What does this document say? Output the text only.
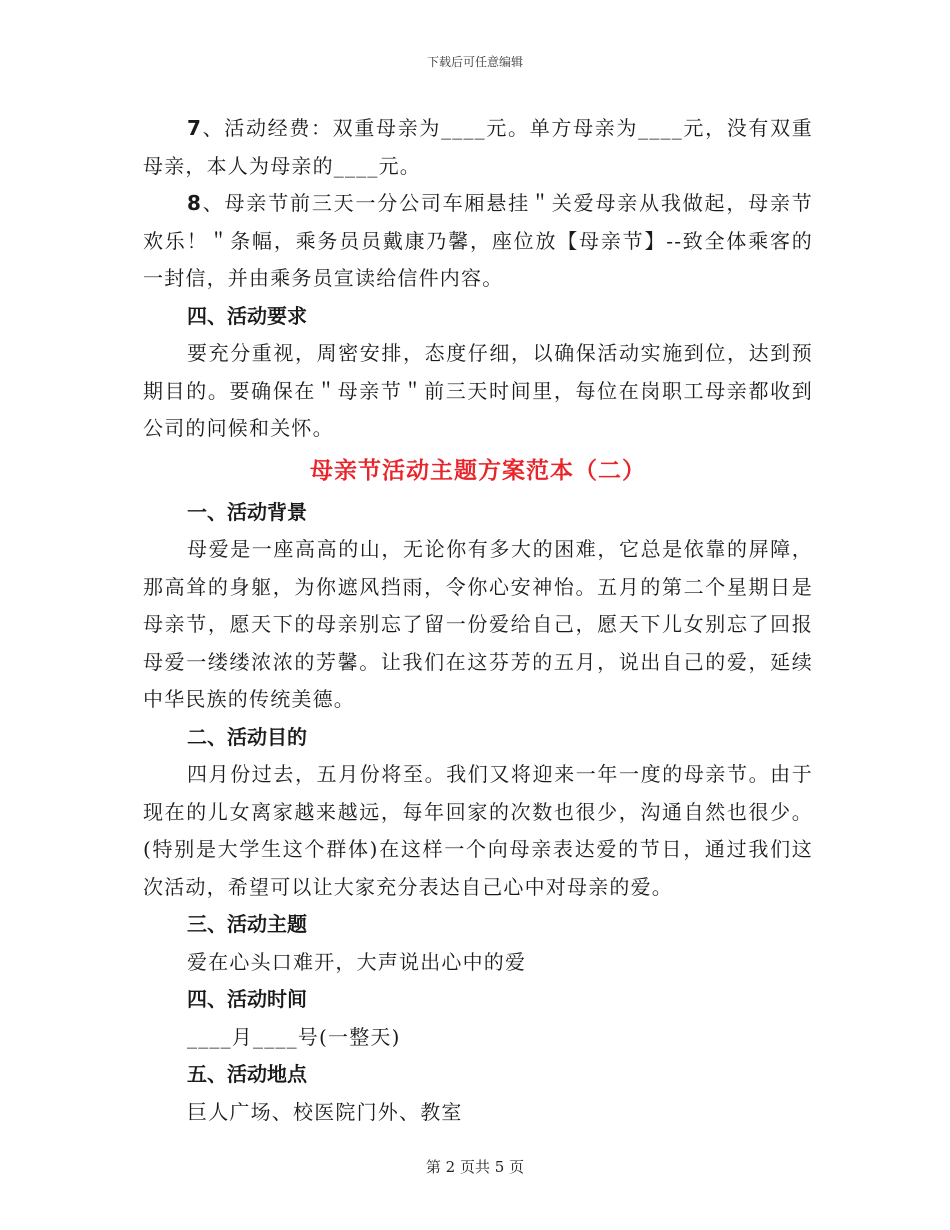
下载后可任意编辑

7、活动经费：双重母亲为____元。单方母亲为____元，没有双重母亲，本人为母亲的____元。

8、母亲节前三天一分公司车厢悬挂＂关爱母亲从我做起，母亲节欢乐！＂条幅，乘务员员戴康乃馨，座位放【母亲节】--致全体乘客的一封信，并由乘务员宣读给信件内容。

四、活动要求

要充分重视，周密安排，态度仔细，以确保活动实施到位，达到预期目的。要确保在＂母亲节＂前三天时间里，每位在岗职工母亲都收到公司的问候和关怀。

母亲节活动主题方案范本（二）

一、活动背景

母爱是一座高高的山，无论你有多大的困难，它总是依靠的屏障，那高耸的身躯，为你遮风挡雨，令你心安神怡。五月的第二个星期日是母亲节，愿天下的母亲别忘了留一份爱给自己，愿天下儿女别忘了回报母爱一缕缕浓浓的芳馨。让我们在这芬芳的五月，说出自己的爱，延续中华民族的传统美德。

二、活动目的

四月份过去，五月份将至。我们又将迎来一年一度的母亲节。由于现在的儿女离家越来越远，每年回家的次数也很少，沟通自然也很少。(特别是大学生这个群体)在这样一个向母亲表达爱的节日，通过我们这次活动，希望可以让大家充分表达自己心中对母亲的爱。

三、活动主题

爱在心头口难开，大声说出心中的爱

四、活动时间

____月____号(一整天)

五、活动地点

巨人广场、校医院门外、教室

第 2 页共 5 页
